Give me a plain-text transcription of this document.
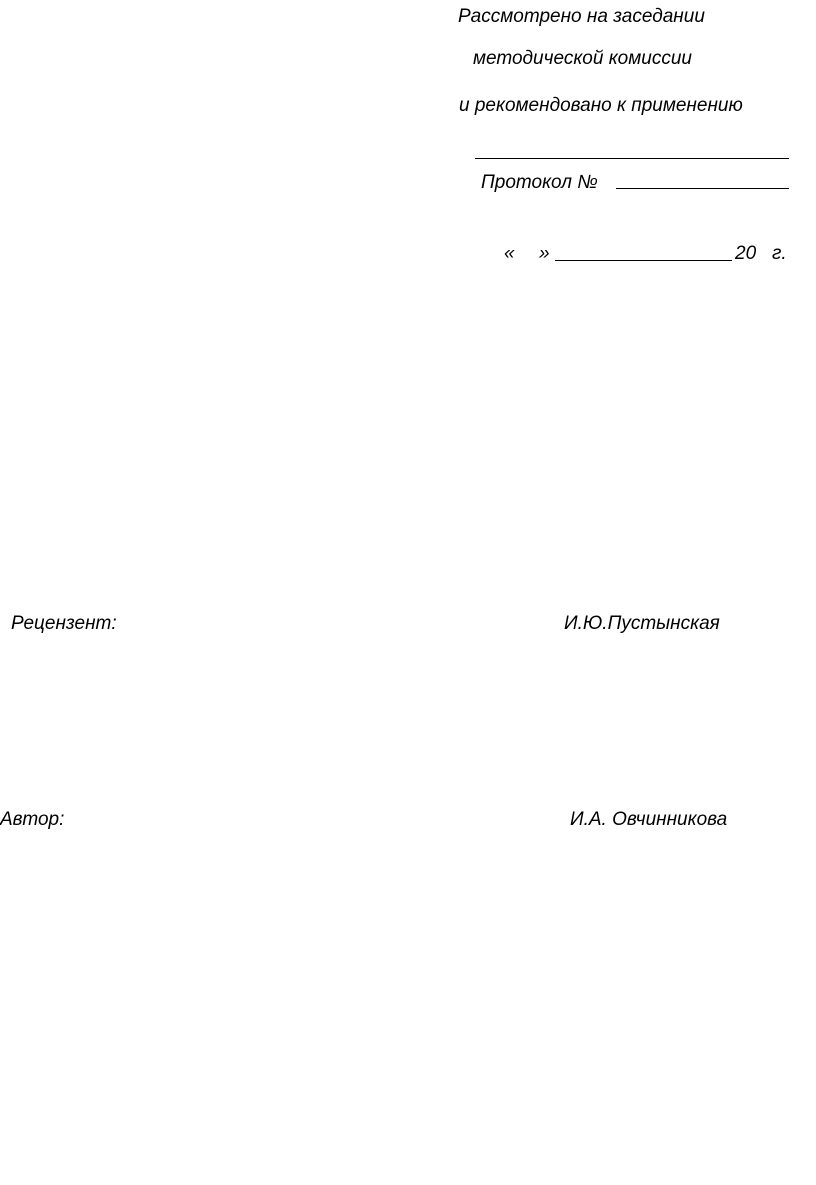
Рассмотрено на заседании
методической комиссии
и рекомендовано к применению
Протокол №
« »	20 г.
Рецензент:	И.Ю.Пустынская
Автор:	И.А. Овчинникова
